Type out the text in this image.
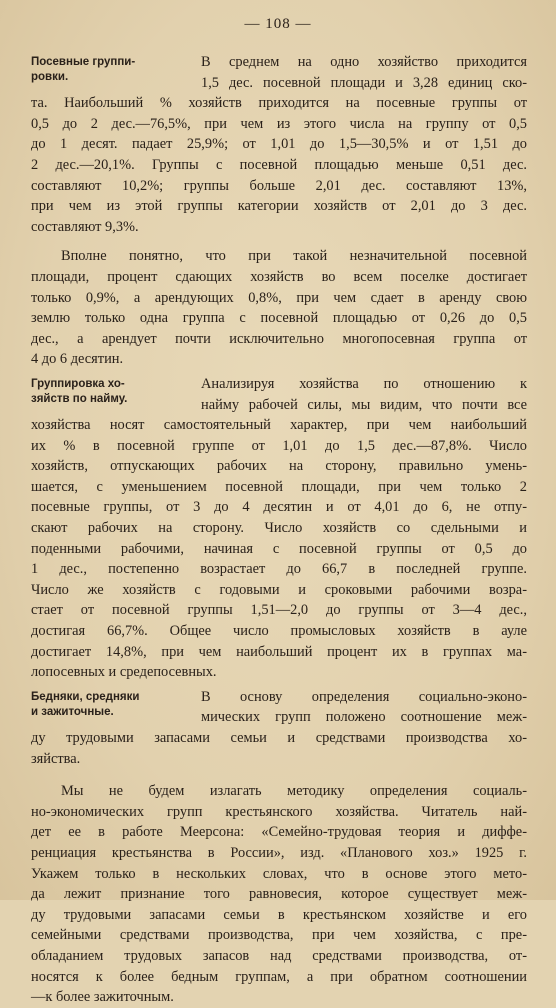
— 108 —
Посевные группи-
ровки.
В среднем на одно хозяйство приходится
1,5 дес. посевной площади и 3,28 единиц ско-
та. Наибольший % хозяйств приходится на посевные группы от
0,5 до 2 дес.—76,5%, при чем из этого числа на группу от 0,5
до 1 десят. падает 25,9%; от 1,01 до 1,5—30,5% и от 1,51 до
2 дес.—20,1%. Группы с посевной площадью меньше 0,51 дес.
составляют 10,2%; группы больше 2,01 дес. составляют 13%,
при чем из этой группы категории хозяйств от 2,01 до 3 дес.
составляют 9,3%.
Вполне понятно, что при такой незначительной посевной
площади, процент сдающих хозяйств во всем поселке достигает
только 0,9%, а арендующих 0,8%, при чем сдает в аренду свою
землю только одна группа с посевной площадью от 0,26 до 0,5
дес., а арендует почти исключительно многопосевная группа от
4 до 6 десятин.
Группировка хо-
зяйств по найму.
Анализируя хозяйства по отношению к
найму рабочей силы, мы видим, что почти все
хозяйства носят самостоятельный характер, при чем наибольший
их % в посевной группе от 1,01 до 1,5 дес.—87,8%. Число
хозяйств, отпускающих рабочих на сторону, правильно умень-
шается, с уменьшением посевной площади, при чем только 2
посевные группы, от 3 до 4 десятин и от 4,01 до 6, не отпу-
скают рабочих на сторону. Число хозяйств со сдельными и
поденными рабочими, начиная с посевной группы от 0,5 до
1 дес., постепенно возрастает до 66,7 в последней группе.
Число же хозяйств с годовыми и сроковыми рабочими возра-
стает от посевной группы 1,51—2,0 до группы от 3—4 дес.,
достигая 66,7%. Общее число промысловых хозяйств в ауле
достигает 14,8%, при чем наибольший процент их в группах ма-
лопосевных и средепосевных.
Бедняки, средняки
и зажиточные.
В основу определения социально-эконо-
мических групп положено соотношение меж-
ду трудовыми запасами семьи и средствами производства хо-
зяйства.
Мы не будем излагать методику определения социаль-
но-экономических групп крестьянского хозяйства. Читатель най-
дет ее в работе Меерсона: «Семейно-трудовая теория и диффе-
ренциация крестьянства в России», изд. «Планового хоз.» 1925 г.
Укажем только в нескольких словах, что в основе этого мето-
да лежит признание того равновесия, которое существует меж-
ду трудовыми запасами семьи в крестьянском хозяйстве и его
семейными средствами производства, при чем хозяйства, с пре-
обладанием трудовых запасов над средствами производства, от-
носятся к более бедным группам, а при обратном соотношении
—к более зажиточным.
